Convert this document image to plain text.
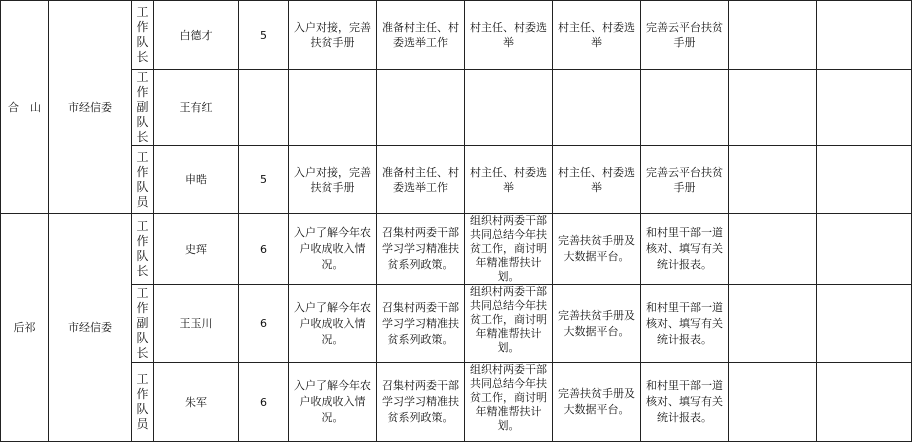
合　山	市经信委	工
作
队
长	白德才	5	入户对接，完善扶贫手册	准备村主任、村委选举工作	村主任、村委选举	村主任、村委选举	完善云平台扶贫手册		

		工
作
副
队
长	王有红								

		工
作
队
员	申晧	5	入户对接，完善扶贫手册	准备村主任、村委选举工作	村主任、村委选举	村主任、村委选举	完善云平台扶贫手册		
后祁	市经信委	工
作
队
长	史珲	6	入户了解今年农户收成收入情况。	召集村两委干部学习学习精准扶贫系列政策。	组织村两委干部共同总结今年扶贫工作，商讨明年精准帮扶计划。	完善扶贫手册及大数据平台。	和村里干部一道核对、填写有关统计报表。		

		工
作
副
队
长	王玉川	6	入户了解今年农户收成收入情况。	召集村两委干部学习学习精准扶贫系列政策。	组织村两委干部共同总结今年扶贫工作，商讨明年精准帮扶计划。	完善扶贫手册及大数据平台。	和村里干部一道核对、填写有关统计报表。		

		工
作
队
员	朱军	6	入户了解今年农户收成收入情况。	召集村两委干部学习学习精准扶贫系列政策。	组织村两委干部共同总结今年扶贫工作，商讨明年精准帮扶计划。	完善扶贫手册及大数据平台。	和村里干部一道核对、填写有关统计报表。		
